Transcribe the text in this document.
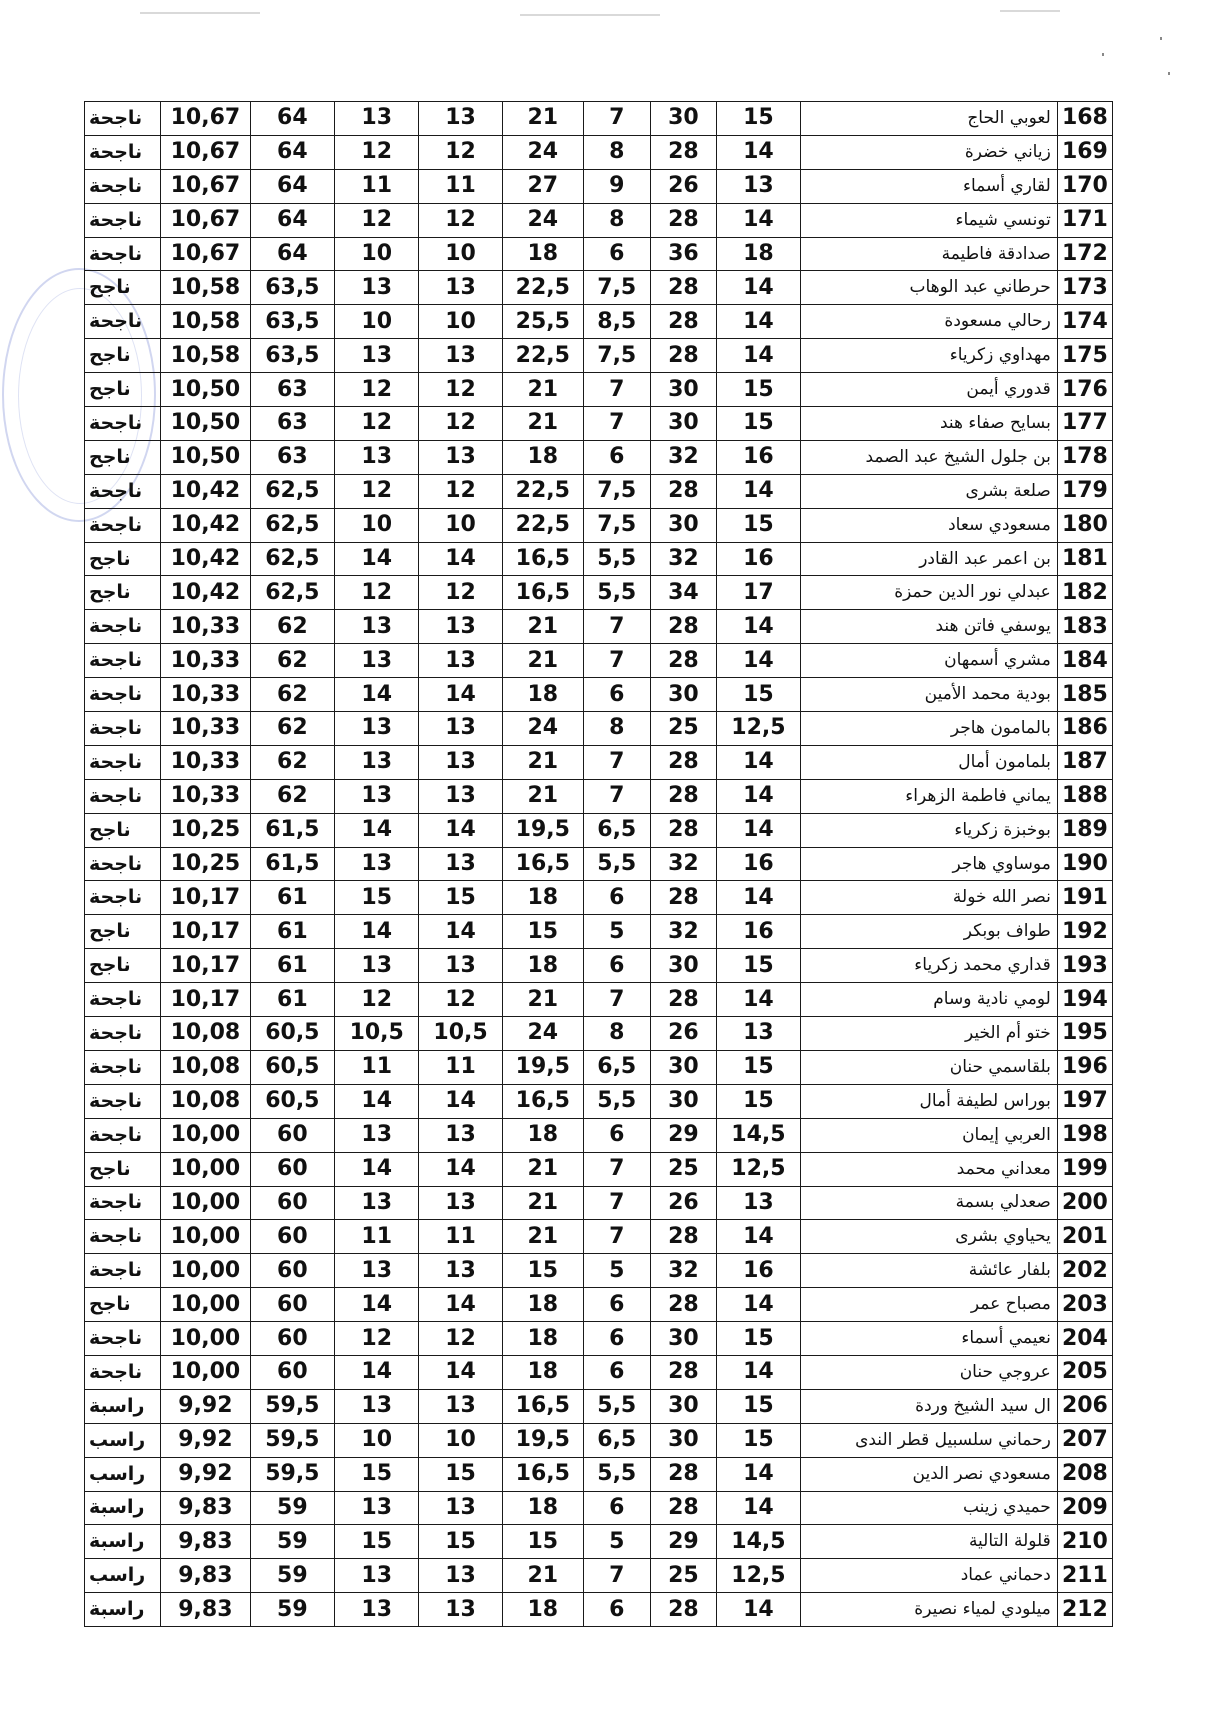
168	لعوبي الحاج	15	30	7	21	13	13	64	10,67	ناجحة
169	زياني خضرة	14	28	8	24	12	12	64	10,67	ناجحة
170	لقاري أسماء	13	26	9	27	11	11	64	10,67	ناجحة
171	تونسي شيماء	14	28	8	24	12	12	64	10,67	ناجحة
172	صدادقة فاطيمة	18	36	6	18	10	10	64	10,67	ناجحة
173	حرطاني عبد الوهاب	14	28	7,5	22,5	13	13	63,5	10,58	ناجح
174	رحالي مسعودة	14	28	8,5	25,5	10	10	63,5	10,58	ناجحة
175	مهداوي زكرياء	14	28	7,5	22,5	13	13	63,5	10,58	ناجح
176	قدوري أيمن	15	30	7	21	12	12	63	10,50	ناجح
177	بسايح صفاء هند	15	30	7	21	12	12	63	10,50	ناجحة
178	بن جلول الشيخ عبد الصمد	16	32	6	18	13	13	63	10,50	ناجح
179	صلعة بشرى	14	28	7,5	22,5	12	12	62,5	10,42	ناجحة
180	مسعودي سعاد	15	30	7,5	22,5	10	10	62,5	10,42	ناجحة
181	بن اعمر عبد القادر	16	32	5,5	16,5	14	14	62,5	10,42	ناجح
182	عبدلي نور الدين حمزة	17	34	5,5	16,5	12	12	62,5	10,42	ناجح
183	يوسفي فاتن هند	14	28	7	21	13	13	62	10,33	ناجحة
184	مشري أسمهان	14	28	7	21	13	13	62	10,33	ناجحة
185	بودية محمد الأمين	15	30	6	18	14	14	62	10,33	ناجحة
186	بالمامون هاجر	12,5	25	8	24	13	13	62	10,33	ناجحة
187	بلمامون أمال	14	28	7	21	13	13	62	10,33	ناجحة
188	يماني فاطمة الزهراء	14	28	7	21	13	13	62	10,33	ناجحة
189	بوخبزة زكرياء	14	28	6,5	19,5	14	14	61,5	10,25	ناجح
190	موساوي هاجر	16	32	5,5	16,5	13	13	61,5	10,25	ناجحة
191	نصر الله خولة	14	28	6	18	15	15	61	10,17	ناجحة
192	طواف بوبكر	16	32	5	15	14	14	61	10,17	ناجح
193	قداري محمد زكرياء	15	30	6	18	13	13	61	10,17	ناجح
194	لومي نادية وسام	14	28	7	21	12	12	61	10,17	ناجحة
195	ختو أم الخير	13	26	8	24	10,5	10,5	60,5	10,08	ناجحة
196	بلقاسمي حنان	15	30	6,5	19,5	11	11	60,5	10,08	ناجحة
197	بوراس لطيفة أمال	15	30	5,5	16,5	14	14	60,5	10,08	ناجحة
198	العربي إيمان	14,5	29	6	18	13	13	60	10,00	ناجحة
199	معداني محمد	12,5	25	7	21	14	14	60	10,00	ناجح
200	صعدلي بسمة	13	26	7	21	13	13	60	10,00	ناجحة
201	يحياوي بشرى	14	28	7	21	11	11	60	10,00	ناجحة
202	بلفار عائشة	16	32	5	15	13	13	60	10,00	ناجحة
203	مصباح عمر	14	28	6	18	14	14	60	10,00	ناجح
204	نعيمي أسماء	15	30	6	18	12	12	60	10,00	ناجحة
205	عروجي حنان	14	28	6	18	14	14	60	10,00	ناجحة
206	ال سيد الشيخ وردة	15	30	5,5	16,5	13	13	59,5	9,92	راسبة
207	رحماني سلسبيل قطر الندى	15	30	6,5	19,5	10	10	59,5	9,92	راسب
208	مسعودي نصر الدين	14	28	5,5	16,5	15	15	59,5	9,92	راسب
209	حميدي زينب	14	28	6	18	13	13	59	9,83	راسبة
210	قلولة التالية	14,5	29	5	15	15	15	59	9,83	راسبة
211	دحماني عماد	12,5	25	7	21	13	13	59	9,83	راسب
212	ميلودي لمياء نصيرة	14	28	6	18	13	13	59	9,83	راسبة
